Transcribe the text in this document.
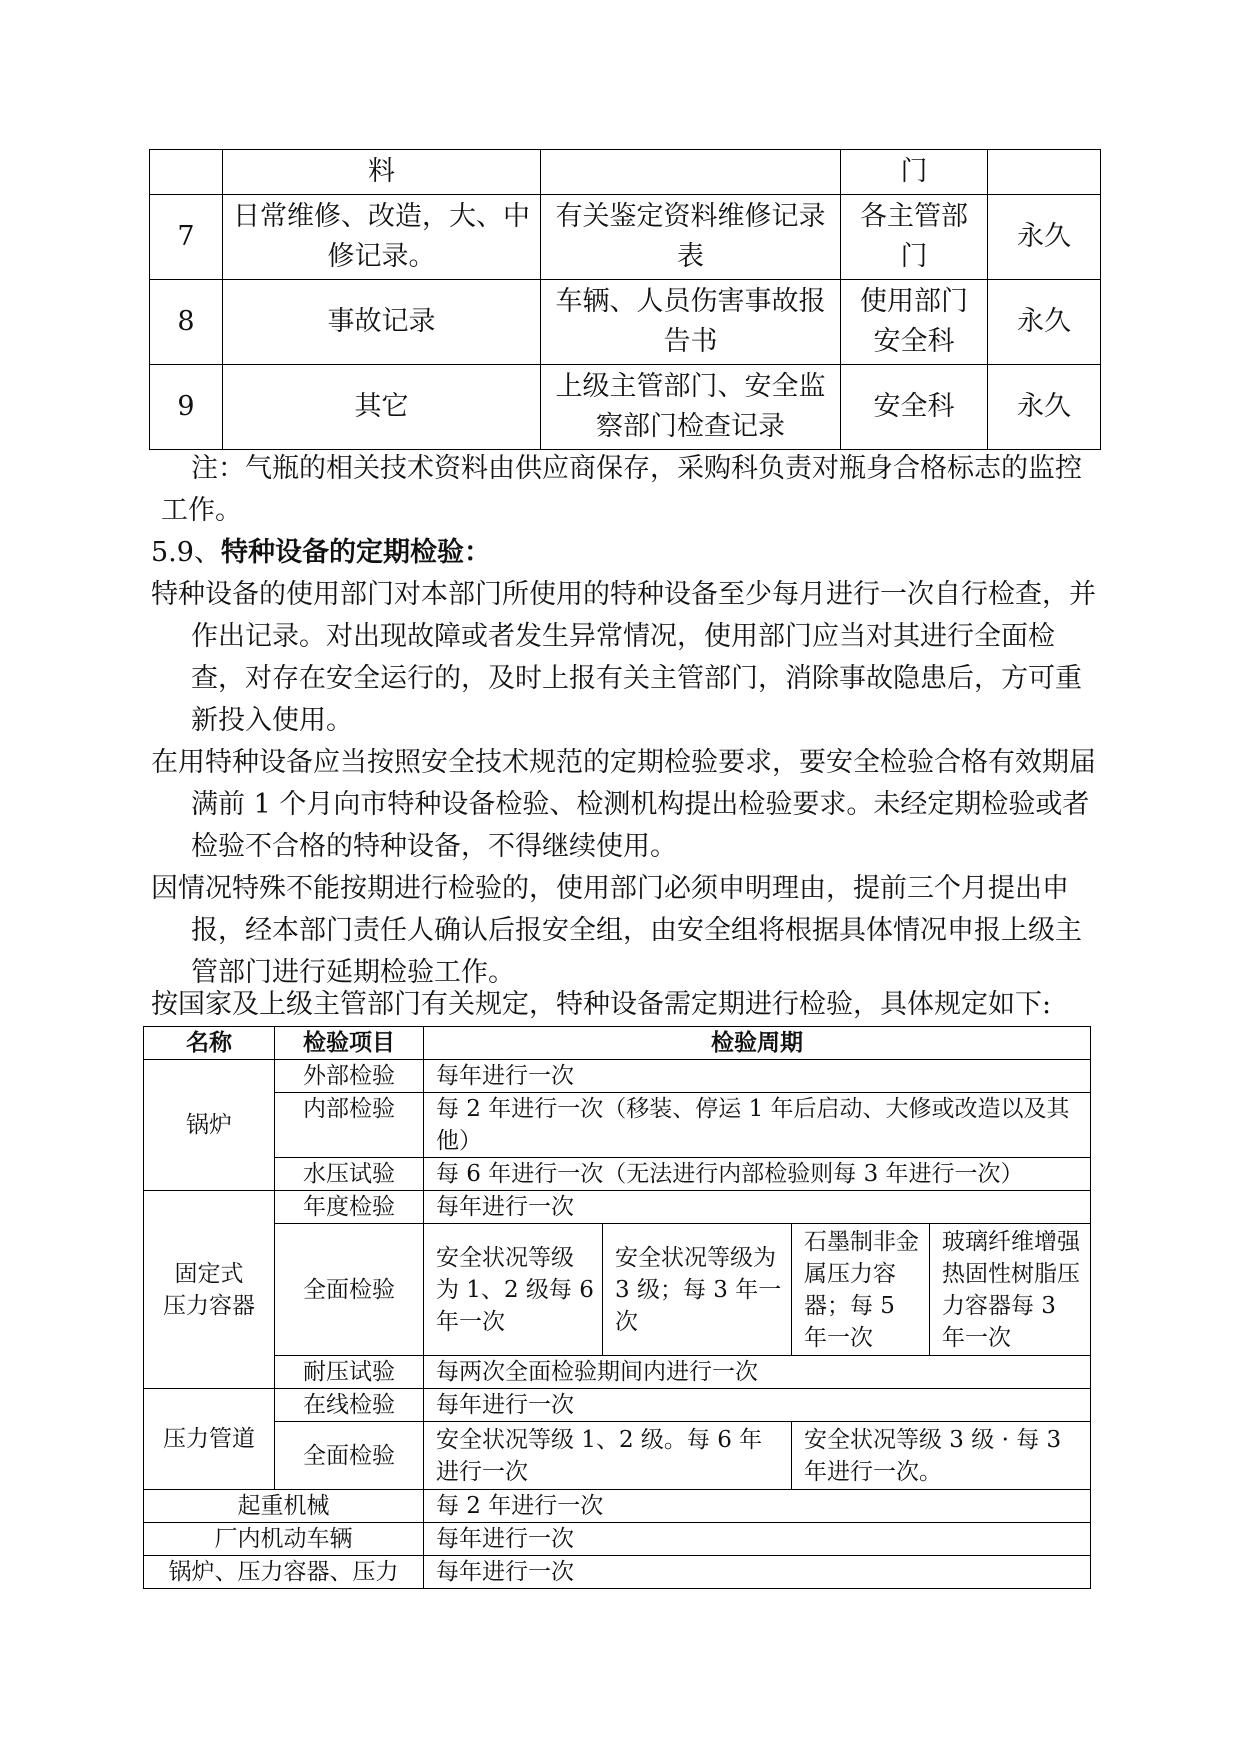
	料		门	
7	日常维修、改造，大、中修记录。	有关鉴定资料维修记录表	各主管部门	永久
8	事故记录	车辆、人员伤害事故报告书	使用部门安全科	永久
9	其它	上级主管部门、安全监察部门检查记录	安全科	永久
注：气瓶的相关技术资料由供应商保存，采购科负责对瓶身合格标志的监控工作。
5.9、特种设备的定期检验：
特种设备的使用部门对本部门所使用的特种设备至少每月进行一次自行检查，并作出记录。对出现故障或者发生异常情况，使用部门应当对其进行全面检查，对存在安全运行的，及时上报有关主管部门，消除事故隐患后，方可重新投入使用。
在用特种设备应当按照安全技术规范的定期检验要求，要安全检验合格有效期届满前 1 个月向市特种设备检验、检测机构提出检验要求。未经定期检验或者检验不合格的特种设备，不得继续使用。
因情况特殊不能按期进行检验的，使用部门必须申明理由，提前三个月提出申报，经本部门责任人确认后报安全组，由安全组将根据具体情况申报上级主管部门进行延期检验工作。
按国家及上级主管部门有关规定，特种设备需定期进行检验，具体规定如下:
名称	检验项目	检验周期			
锅炉	外部检验	每年进行一次			
	内部检验	每 2 年进行一次（移装、停运 1 年后启动、大修或改造以及其他）			
	水压试验	每 6 年进行一次（无法进行内部检验则每 3 年进行一次）			

固定式
压力容器	年度检验	每年进行一次			
	全面检验	安全状况等级为 1、2 级每 6 年一次	安全状况等级为 3 级；每 3 年一次	石墨制非金属压力容器；每 5 年一次	玻璃纤维增强热固性树脂压力容器每 3 年一次
	耐压试验	每两次全面检验期间内进行一次			
压力管道	在线检验	每年进行一次			
	全面检验	安全状况等级 1、2 级。每 6 年进行一次		安全状况等级 3 级 · 每 3 年进行一次。	
起重机械		每 2 年进行一次			
厂内机动车辆		每年进行一次			
锅炉、压力容器、压力		每年进行一次			
